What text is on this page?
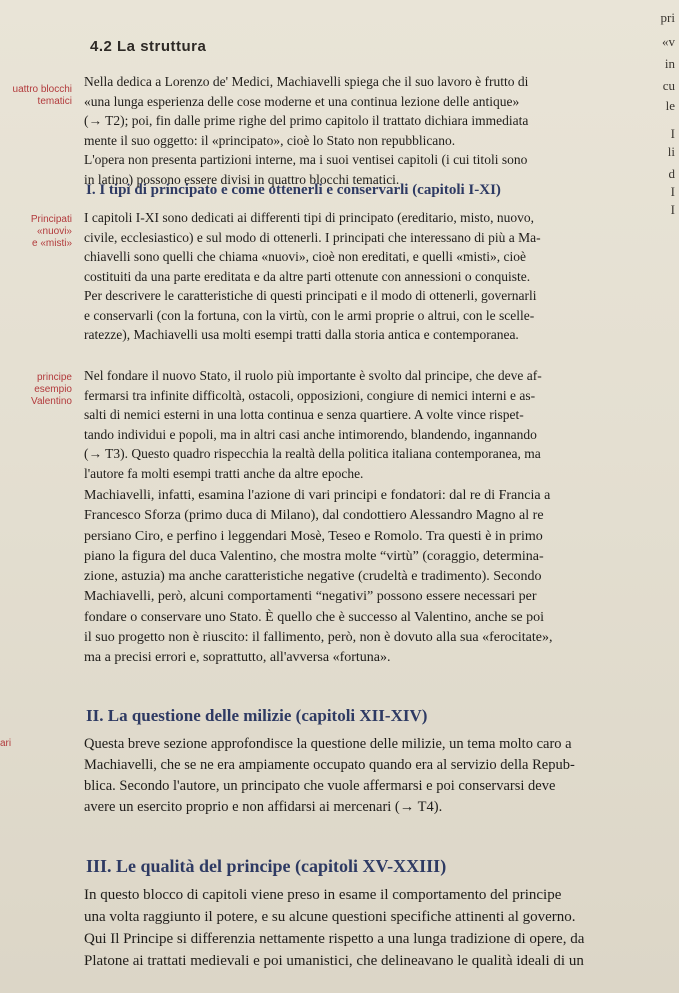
pri
«v
in
cu
le
I
li
d
I
I
4.2 La struttura
uattro blocchi
tematici
Nella dedica a Lorenzo de' Medici, Machiavelli spiega che il suo lavoro è frutto di
«una lunga esperienza delle cose moderne et una continua lezione delle antique»
(→ T2); poi, fin dalle prime righe del primo capitolo il trattato dichiara immediata
mente il suo oggetto: il «principato», cioè lo Stato non repubblicano.
L'opera non presenta partizioni interne, ma i suoi ventisei capitoli (i cui titoli sono
in latino) possono essere divisi in quattro blocchi tematici.
I. I tipi di principato e come ottenerli e conservarli (capitoli I-XI)
Principati
«nuovi»
e «misti»
I capitoli I-XI sono dedicati ai differenti tipi di principato (ereditario, misto, nuovo,
civile, ecclesiastico) e sul modo di ottenerli. I principati che interessano di più a Ma-
chiavelli sono quelli che chiama «nuovi», cioè non ereditati, e quelli «misti», cioè
costituiti da una parte ereditata e da altre parti ottenute con annessioni o conquiste.
Per descrivere le caratteristiche di questi principati e il modo di ottenerli, governarli
e conservarli (con la fortuna, con la virtù, con le armi proprie o altrui, con le scelle-
ratezze), Machiavelli usa molti esempi tratti dalla storia antica e contemporanea.
principe
esempio
Valentino
Nel fondare il nuovo Stato, il ruolo più importante è svolto dal principe, che deve af-
fermarsi tra infinite difficoltà, ostacoli, opposizioni, congiure di nemici interni e as-
salti di nemici esterni in una lotta continua e senza quartiere. A volte vince rispet-
tando individui e popoli, ma in altri casi anche intimorendo, blandendo, ingannando
(→ T3). Questo quadro rispecchia la realtà della politica italiana contemporanea, ma
l'autore fa molti esempi tratti anche da altre epoche.
Machiavelli, infatti, esamina l'azione di vari principi e fondatori: dal re di Francia a
Francesco Sforza (primo duca di Milano), dal condottiero Alessandro Magno al re
persiano Ciro, e perfino i leggendari Mosè, Teseo e Romolo. Tra questi è in primo
piano la figura del duca Valentino, che mostra molte “virtù” (coraggio, determina-
zione, astuzia) ma anche caratteristiche negative (crudeltà e tradimento). Secondo
Machiavelli, però, alcuni comportamenti “negativi” possono essere necessari per
fondare o conservare uno Stato. È quello che è successo al Valentino, anche se poi
il suo progetto non è riuscito: il fallimento, però, non è dovuto alla sua «ferocitate»,
ma a precisi errori e, soprattutto, all'avversa «fortuna».
II. La questione delle milizie (capitoli XII-XIV)
ari	Questa breve sezione approfondisce la questione delle milizie, un tema molto caro a
Machiavelli, che se ne era ampiamente occupato quando era al servizio della Repub-
blica. Secondo l'autore, un principato che vuole affermarsi e poi conservarsi deve
avere un esercito proprio e non affidarsi ai mercenari (→ T4).
III. Le qualità del principe (capitoli XV-XXIII)
In questo blocco di capitoli viene preso in esame il comportamento del principe
una volta raggiunto il potere, e su alcune questioni specifiche attinenti al governo.
Qui Il Principe si differenzia nettamente rispetto a una lunga tradizione di opere, da
Platone ai trattati medievali e poi umanistici, che delineavano le qualità ideali di un
